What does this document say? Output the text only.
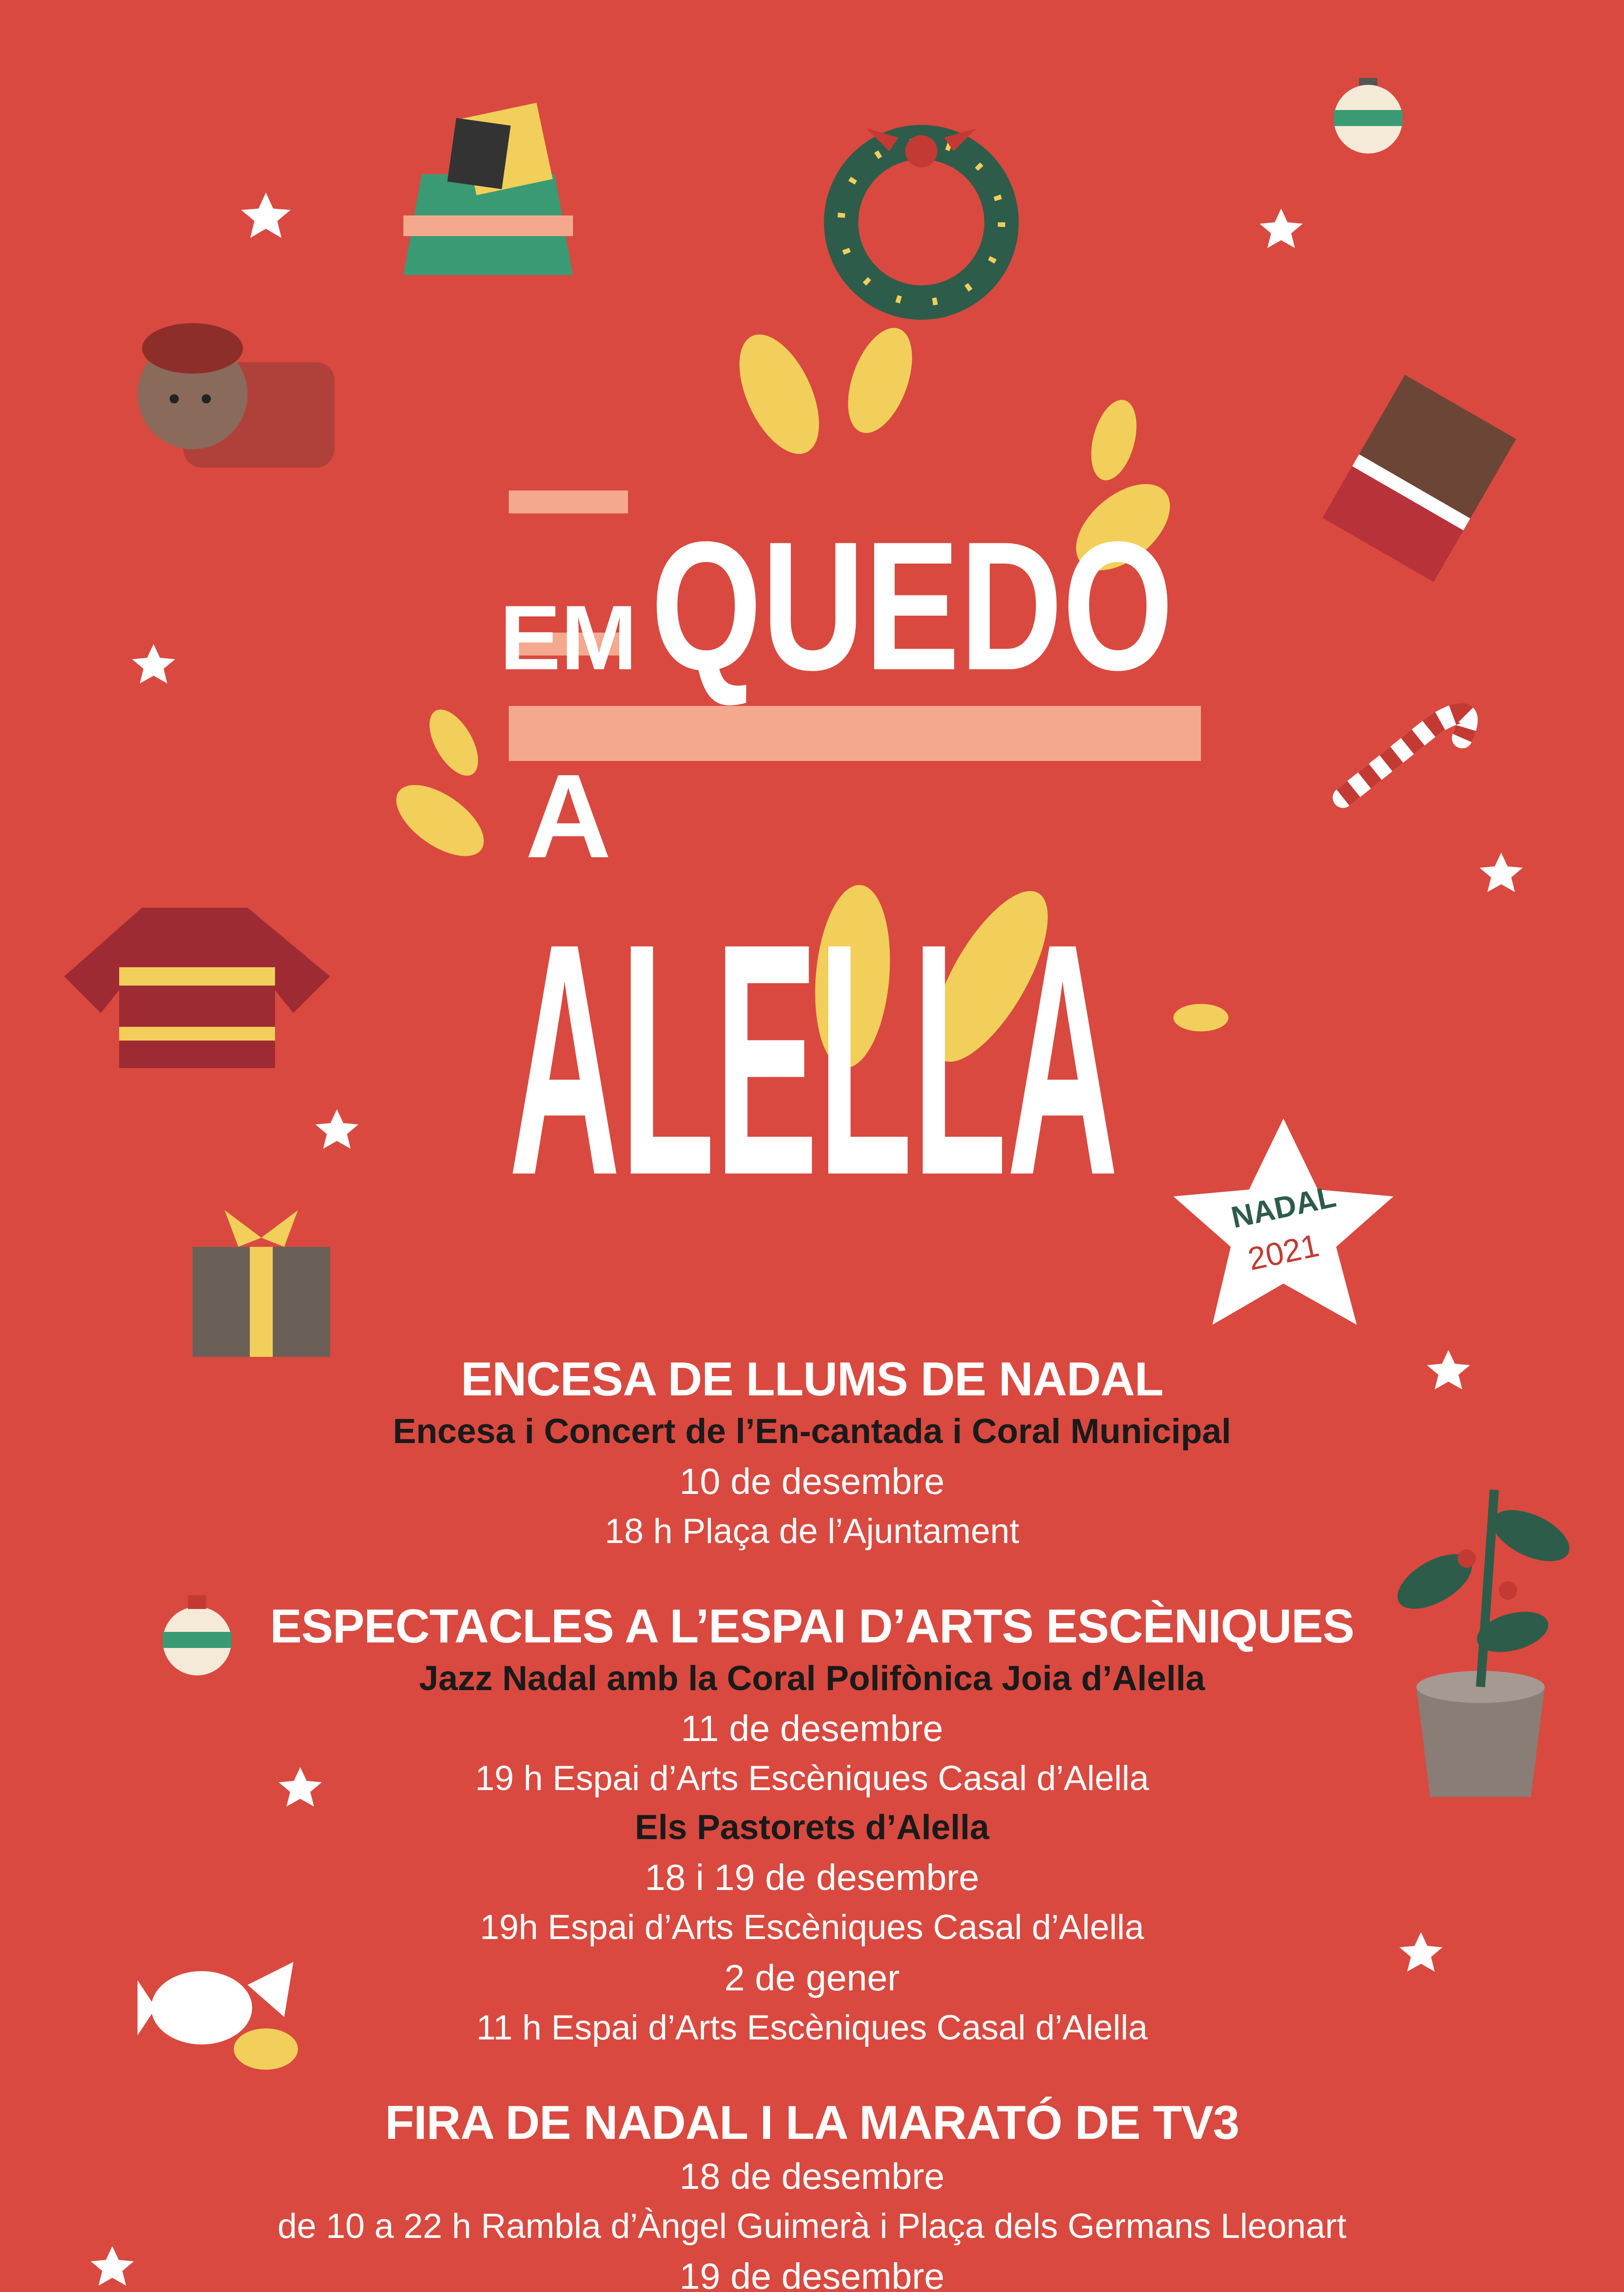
NADAL
2021
EM QUEDO
A
ALELLA
ENCESA DE LLUMS DE NADAL
Encesa i Concert de l’En-cantada i Coral Municipal
10 de desembre
18 h Plaça de l’Ajuntament
ESPECTACLES A L’ESPAI D’ARTS ESCÈNIQUES
Jazz Nadal amb la Coral Polifònica Joia d’Alella
11 de desembre
19 h Espai d’Arts Escèniques Casal d’Alella
Els Pastorets d’Alella
18 i 19 de desembre
19h Espai d’Arts Escèniques Casal d’Alella
2 de gener
11 h Espai d’Arts Escèniques Casal d’Alella
FIRA DE NADAL I LA MARATÓ DE TV3
18 de desembre
de 10 a 22 h Rambla d’Àngel Guimerà i Plaça dels Germans Lleonart
19 de desembre
